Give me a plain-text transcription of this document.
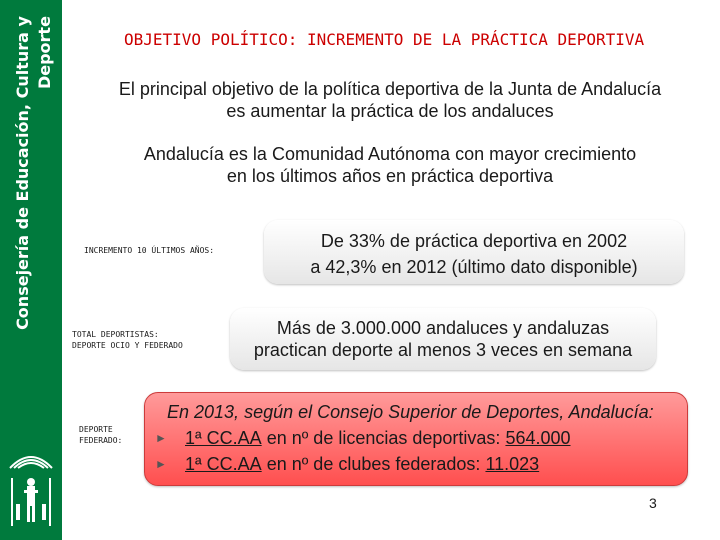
Consejería de Educación, Cultura y Deporte	OBJETIVO POLÍTICO: INCREMENTO DE LA PRÁCTICA DEPORTIVA
El principal objetivo de la política deportiva de la Junta de Andalucía
es aumentar la práctica de los andaluces
Andalucía es la Comunidad Autónoma con mayor crecimiento
en los últimos años en práctica deportiva
INCREMENTO 10 ÚLTIMOS AÑOS:	De 33% de práctica deportiva en 2002
a 42,3% en 2012 (último dato disponible)
TOTAL DEPORTISTAS:
DEPORTE OCIO Y FEDERADO
Más de 3.000.000 andaluces y andaluzas
practican deporte al menos 3 veces en semana
DEPORTE
FEDERADO:
En 2013, según el Consejo Superior de Deportes, Andalucía:
►	1ª CC.AA
en nº de licencias deportivas:
564.000
►	1ª CC.AA
en nº de clubes federados:
11.023
3
